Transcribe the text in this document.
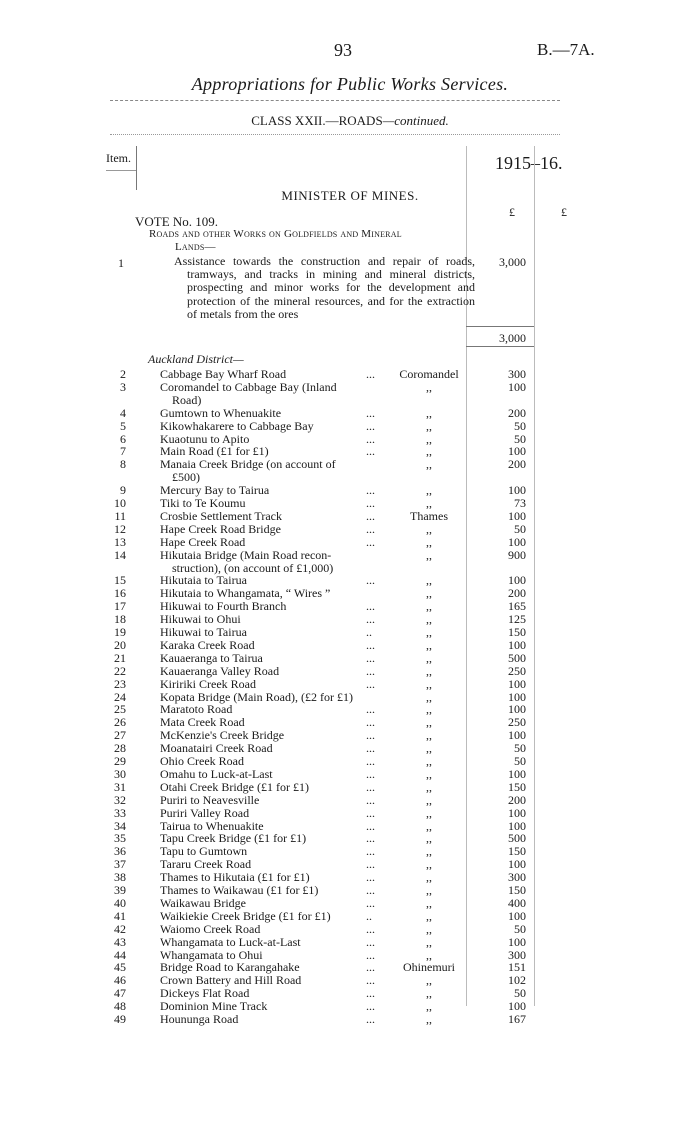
93	B.—7A.
Appropriations for Public Works Services.
CLASS XXII.—ROADS—continued.
Item.	1915–16.
MINISTER OF MINES.
£	£
VOTE No. 109.
Roads and other Works on Goldfields and Mineral
Lands—
1	Assistance towards the construction and repair of roads, tramways, and tracks in mining and mineral districts, prospecting and minor works for the development and protection of the mineral resources, and for the extraction of metals from the ores
3,000
3,000
Auckland District—
2	Cabbage Bay Wharf Road	...	Coromandel	300
3	Coromandel to Cabbage Bay (Inland	,,	100
Road)
4	Gumtown to Whenuakite	...	,,	200
5	Kikowhakarere to Cabbage Bay	...	,,	50
6	Kuaotunu to Apito	...	,,	50
7	Main Road (£1 for £1)	...	,,	100
8	Manaia Creek Bridge (on account of	,,	200
£500)
9	Mercury Bay to Tairua	...	,,	100
10	Tiki to Te Koumu	...	,,	73
11	Crosbie Settlement Track	...	Thames	100
12	Hape Creek Road Bridge	...	,,	50
13	Hape Creek Road	...	,,	100
14	Hikutaia Bridge (Main Road recon-	,,	900
struction), (on account of £1,000)
15	Hikutaia to Tairua	...	,,	100
16	Hikutaia to Whangamata, “ Wires ”	,,	200
17	Hikuwai to Fourth Branch	...	,,	165
18	Hikuwai to Ohui	...	,,	125
19	Hikuwai to Tairua	..	,,	150
20	Karaka Creek Road	...	,,	100
21	Kauaeranga to Tairua	...	,,	500
22	Kauaeranga Valley Road	...	,,	250
23	Kiririki Creek Road	...	,,	100
24	Kopata Bridge (Main Road), (£2 for £1)	,,	100
25	Maratoto Road	...	,,	100
26	Mata Creek Road	...	,,	250
27	McKenzie's Creek Bridge	...	,,	100
28	Moanatairi Creek Road	...	,,	50
29	Ohio Creek Road	...	,,	50
30	Omahu to Luck-at-Last	...	,,	100
31	Otahi Creek Bridge (£1 for £1)	...	,,	150
32	Puriri to Neavesville	...	,,	200
33	Puriri Valley Road	...	,,	100
34	Tairua to Whenuakite	...	,,	100
35	Tapu Creek Bridge (£1 for £1)	...	,,	500
36	Tapu to Gumtown	...	,,	150
37	Tararu Creek Road	...	,,	100
38	Thames to Hikutaia (£1 for £1)	...	,,	300
39	Thames to Waikawau (£1 for £1)	...	,,	150
40	Waikawau Bridge	...	,,	400
41	Waikiekie Creek Bridge (£1 for £1)	..	,,	100
42	Waiomo Creek Road	...	,,	50
43	Whangamata to Luck-at-Last	...	,,	100
44	Whangamata to Ohui	...	,,	300
45	Bridge Road to Karangahake	...	Ohinemuri	151
46	Crown Battery and Hill Road	...	,,	102
47	Dickeys Flat Road	...	,,	50
48	Dominion Mine Track	...	,,	100
49	Hoununga Road	...	,,	167
